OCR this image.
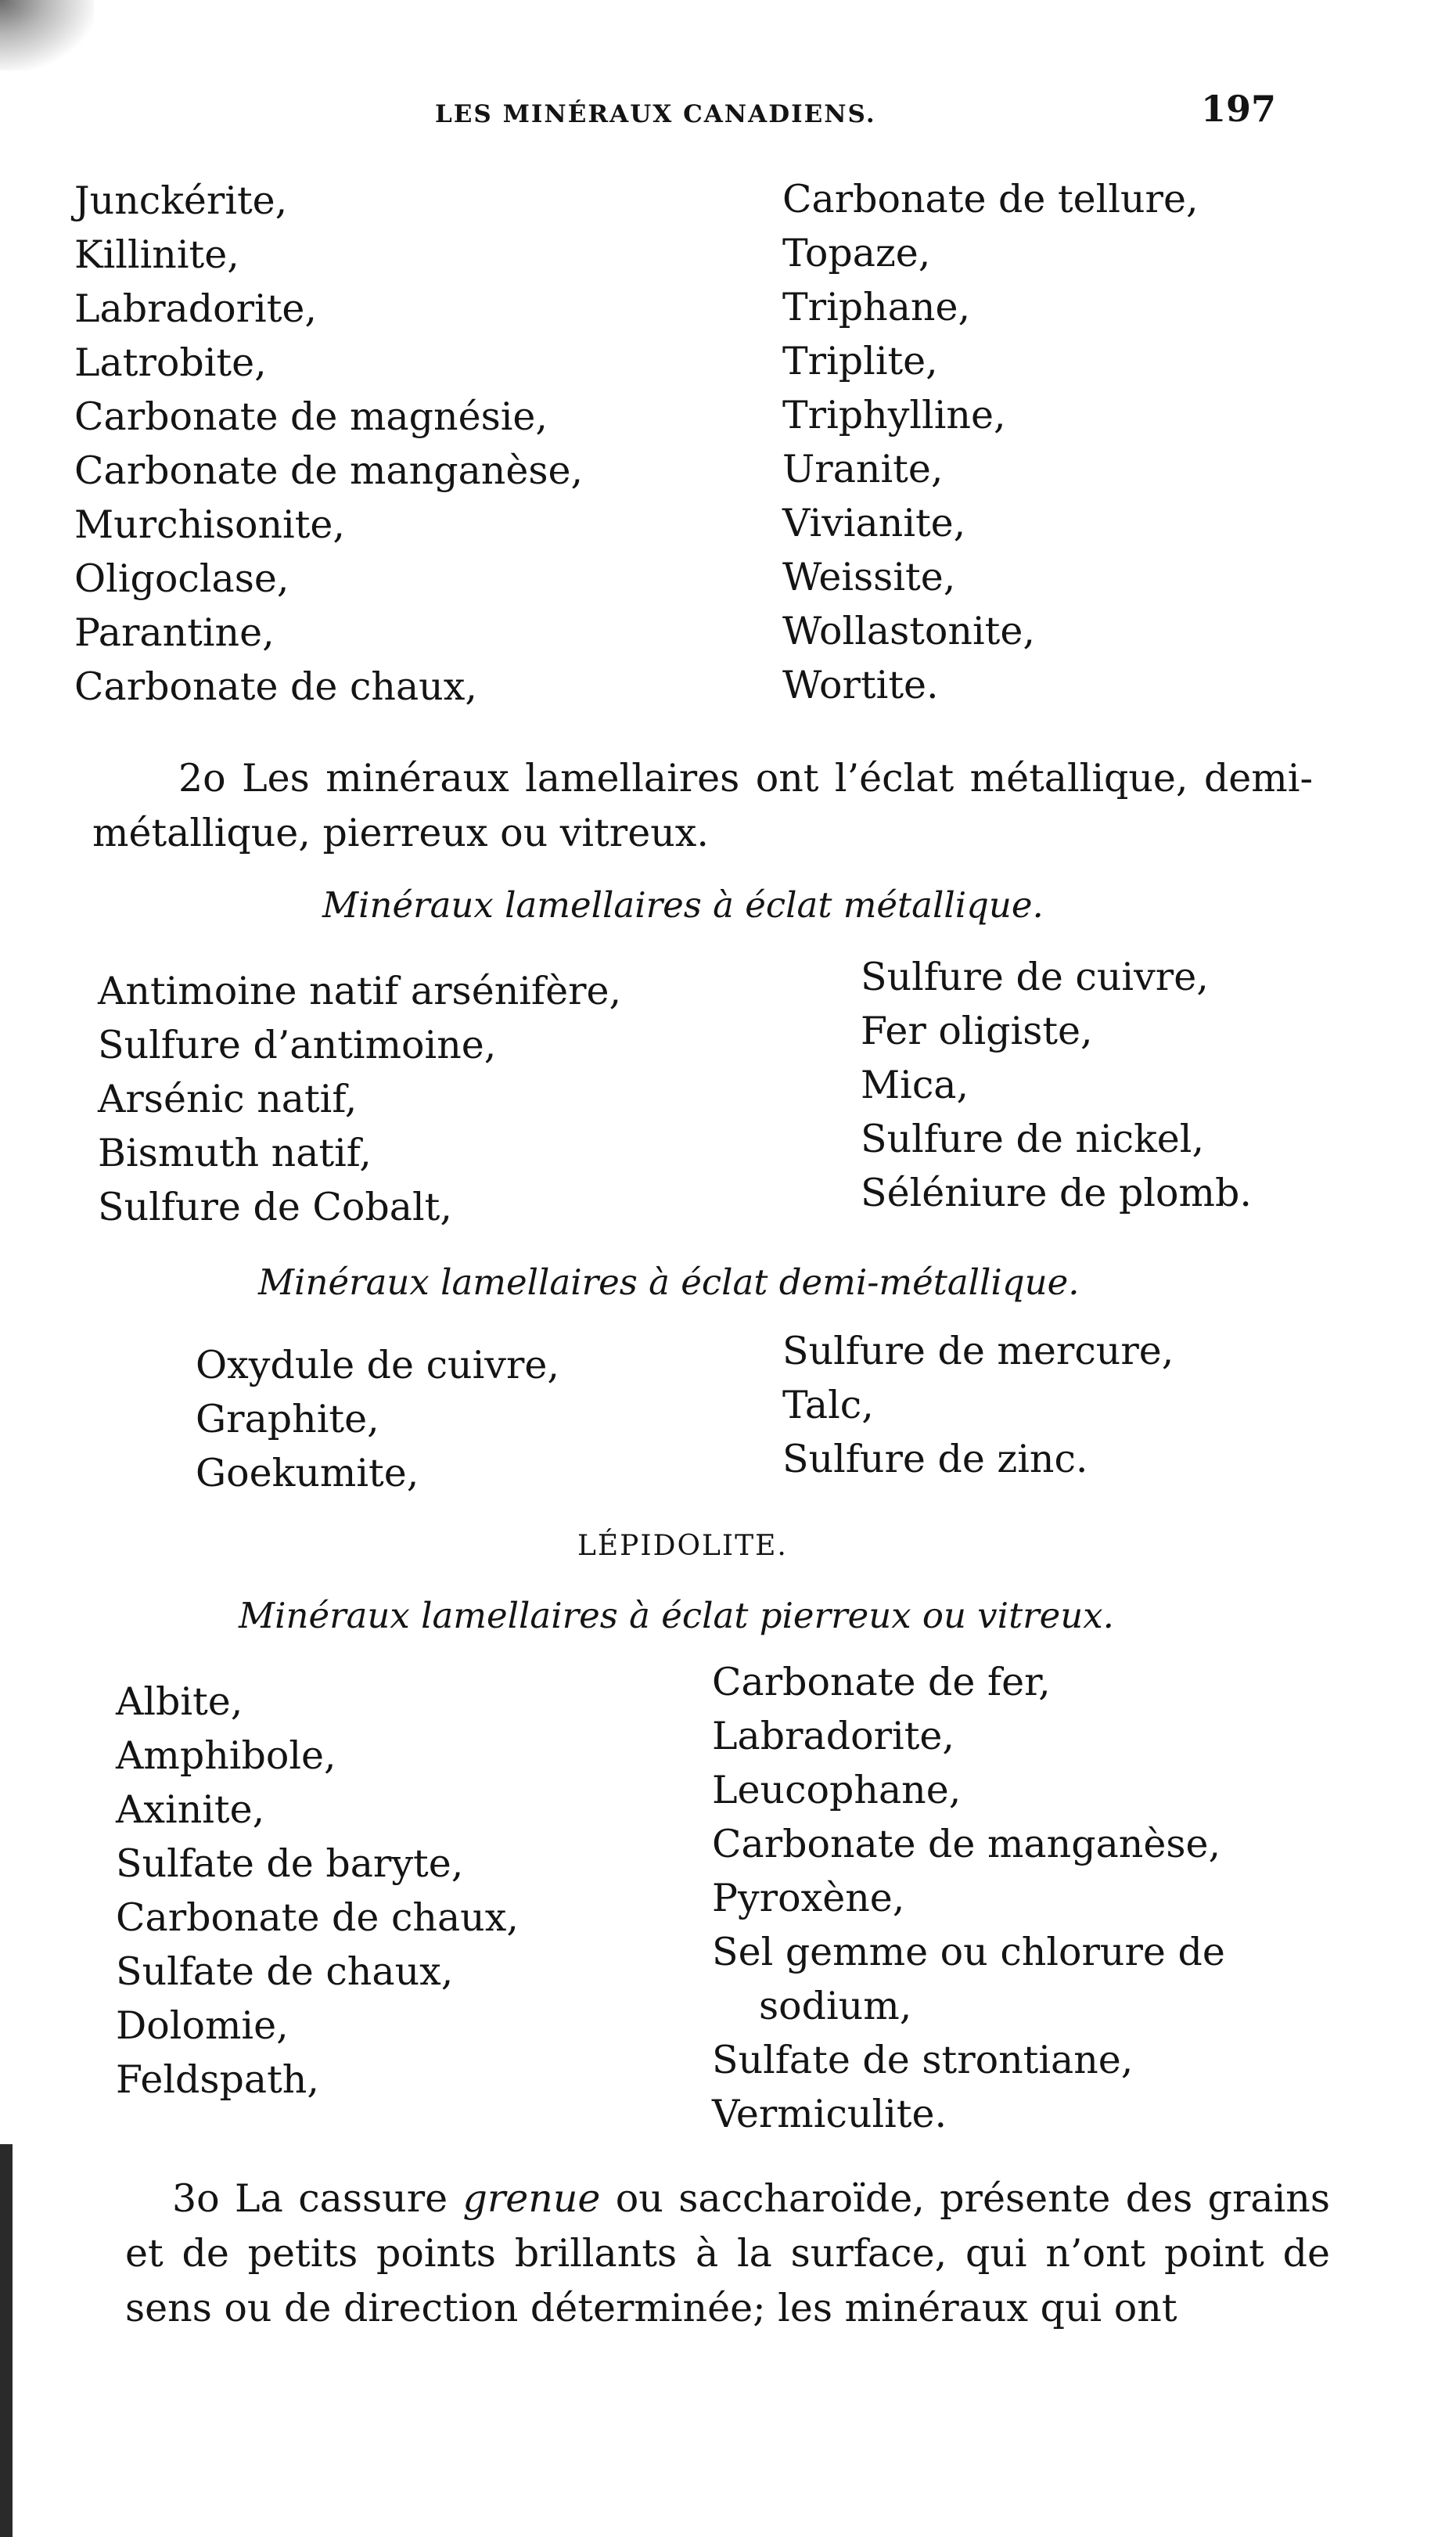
LES MINÉRAUX CANADIENS.	197
Junckérite,
Killinite,
Labradorite,
Latrobite,
Carbonate de magnésie,
Carbonate de manganèse,
Murchisonite,
Oligoclase,
Parantine,
Carbonate de chaux,
Carbonate de tellure,
Topaze,
Triphane,
Triplite,
Triphylline,
Uranite,
Vivianite,
Weissite,
Wollastonite,
Wortite.
2o Les minéraux lamellaires ont l’éclat métallique, demi-métallique, pierreux ou vitreux.
Minéraux lamellaires à éclat métallique.
Antimoine natif arsénifère,
Sulfure d’antimoine,
Arsénic natif,
Bismuth natif,
Sulfure de Cobalt,
Sulfure de cuivre,
Fer oligiste,
Mica,
Sulfure de nickel,
Séléniure de plomb.
Minéraux lamellaires à éclat demi-métallique.
Oxydule de cuivre,
Graphite,
Goekumite,
Sulfure de mercure,
Talc,
Sulfure de zinc.
LÉPIDOLITE.
Minéraux lamellaires à éclat pierreux ou vitreux.
Albite,
Amphibole,
Axinite,
Sulfate de baryte,
Carbonate de chaux,
Sulfate de chaux,
Dolomie,
Feldspath,
Carbonate de fer,
Labradorite,
Leucophane,
Carbonate de manganèse,
Pyroxène,
Sel gemme ou chlorure de
sodium,
Sulfate de strontiane,
Vermiculite.
3o La cassure grenue ou saccharoïde, présente des grains et de petits points brillants à la surface, qui n’ont point de sens ou de direction déterminée; les minéraux qui ont
